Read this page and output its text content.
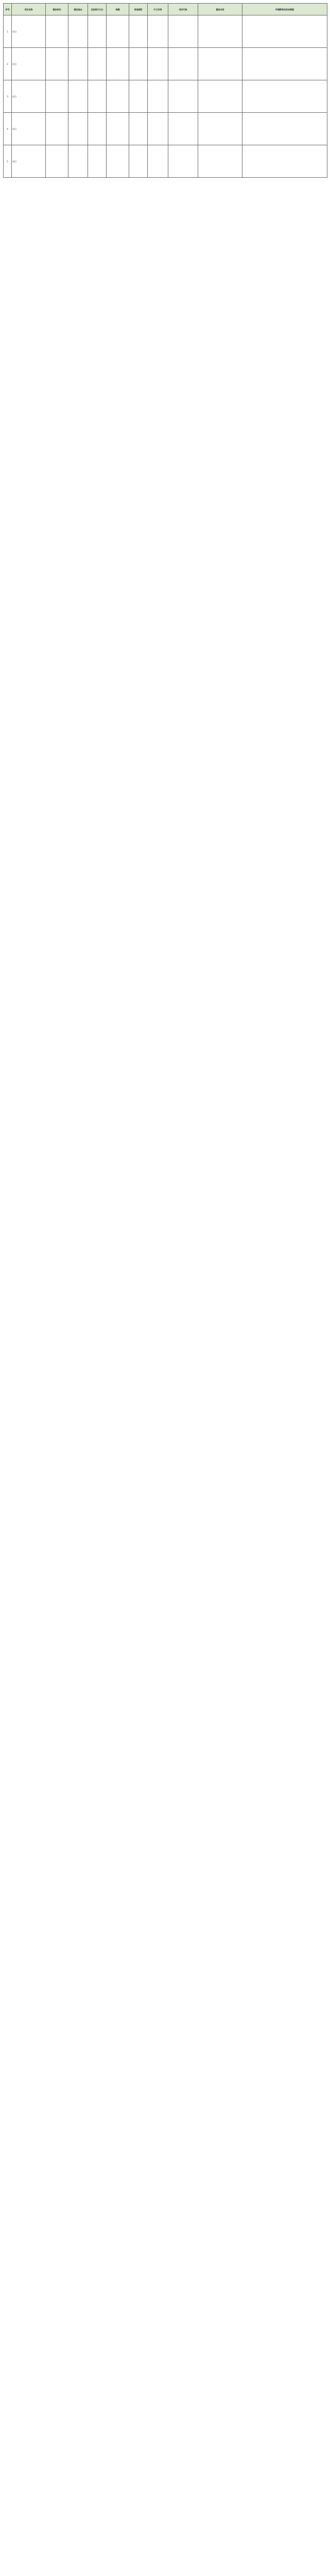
序号	项目名称	建设单位	建设地点	总投资(万元)	规模	用地面积	开工时间	项目代码	建设内容	环境影响及防治措施
1	项目									
2	项目									
3	项目									
4	项目									
5	项目									
